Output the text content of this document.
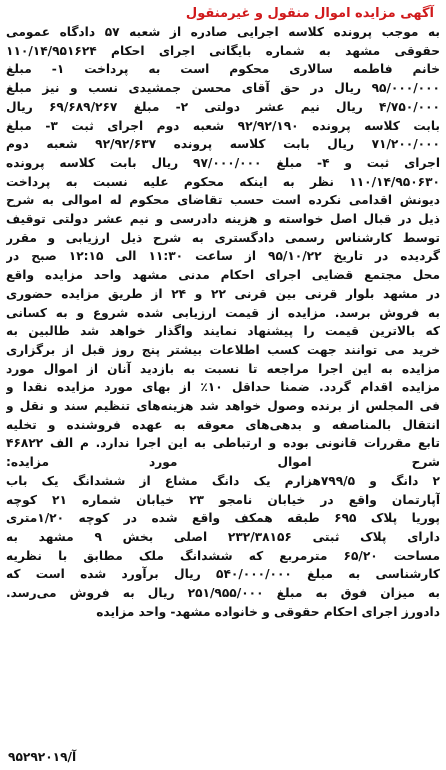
آگهی مزایده اموال منقول و غیرمنقول
به موجب پرونده کلاسه اجرایی صادره از شعبه ۵۷ دادگاه عمومی
حقوقی مشهد به شماره بایگانی اجرای احکام ۱۱۰/۱۴/۹۵۱۶۲۴
خانم فاطمه سالاری محکوم است به پرداخت ۱- مبلغ
۹۵/۰۰۰/۰۰۰ ریال در حق آقای محسن جمشیدی نسب و نیز مبلغ
۴/۷۵۰/۰۰۰ ریال نیم عشر دولتی ۲- مبلغ ۶۹/۶۸۹/۲۶۷ ریال
بابت کلاسه پرونده ۹۲/۹۲/۱۹۰ شعبه دوم اجرای ثبت ۳- مبلغ
۷۱/۲۰۰/۰۰۰ ریال بابت کلاسه پرونده ۹۲/۹۲/۶۳۷ شعبه دوم
اجرای ثبت و ۴- مبلغ ۹۷/۰۰۰/۰۰۰ ریال بابت کلاسه پرونده
۱۱۰/۱۴/۹۵۰۶۳۰ نظر به اینکه محکوم علیه نسبت به پرداخت
دیونش اقدامی نکرده است حسب تقاضای محکوم له اموالی به شرح
ذیل در قبال اصل خواسته و هزینه دادرسی و نیم عشر دولتی توقیف
توسط کارشناس رسمی دادگستری به شرح ذیل ارزیابی و مقرر
گردیده در تاریخ ۹۵/۱۰/۲۲ از ساعت ۱۱:۳۰ الی ۱۲:۱۵ صبح در
محل مجتمع قضایی اجرای احکام مدنی مشهد واحد مزایده واقع
در مشهد بلوار قرنی بین قرنی ۲۲ و ۲۴ از طریق مزایده حضوری
به فروش برسد. مزایده از قیمت ارزیابی شده شروع و به کسانی
که بالاترین قیمت را پیشنهاد نمایند واگذار خواهد شد طالبین به
خرید می توانند جهت کسب اطلاعات بیشتر پنج روز قبل از برگزاری
مزایده به این اجرا مراجعه تا نسبت به بازدید آنان از اموال مورد
مزایده اقدام گردد. ضمنا حداقل ۱۰٪ از بهای مورد مزایده نقدا و
فی المجلس از برنده وصول خواهد شد هزینه‌های تنظیم سند و نقل و
انتقال بالمناصفه و بدهی‌های معوقه به عهده فروشنده و تخلیه
تابع مقررات قانونی بوده و ارتباطی به این اجرا ندارد. م الف ۴۶۸۲۲
شرح اموال مورد مزایده:
۲ دانگ و ۷۹۹/۵هزارم یک دانگ مشاع از ششدانگ یک باب
آپارتمان واقع در خیابان نامجو ۲۳ خیابان شماره ۲۱ کوچه
پوریا پلاک ۶۹۵ طبقه همکف واقع شده در کوچه ۱/۲۰متری
دارای پلاک ثبتی ۲۳۲/۳۸۱۵۶ اصلی بخش ۹ مشهد به
مساحت ۶۵/۲۰ مترمربع که ششدانگ ملک مطابق با نظریه
کارشناسی به مبلغ ۵۴۰/۰۰۰/۰۰۰ ریال برآورد شده است که
به میزان فوق به مبلغ ۲۵۱/۹۵۵/۰۰۰ ریال به فروش می‌رسد.
دادورز اجرای احکام حقوقی و خانواده مشهد- واحد مزایده
آ/۹۵۲۹۲۰۱۹
